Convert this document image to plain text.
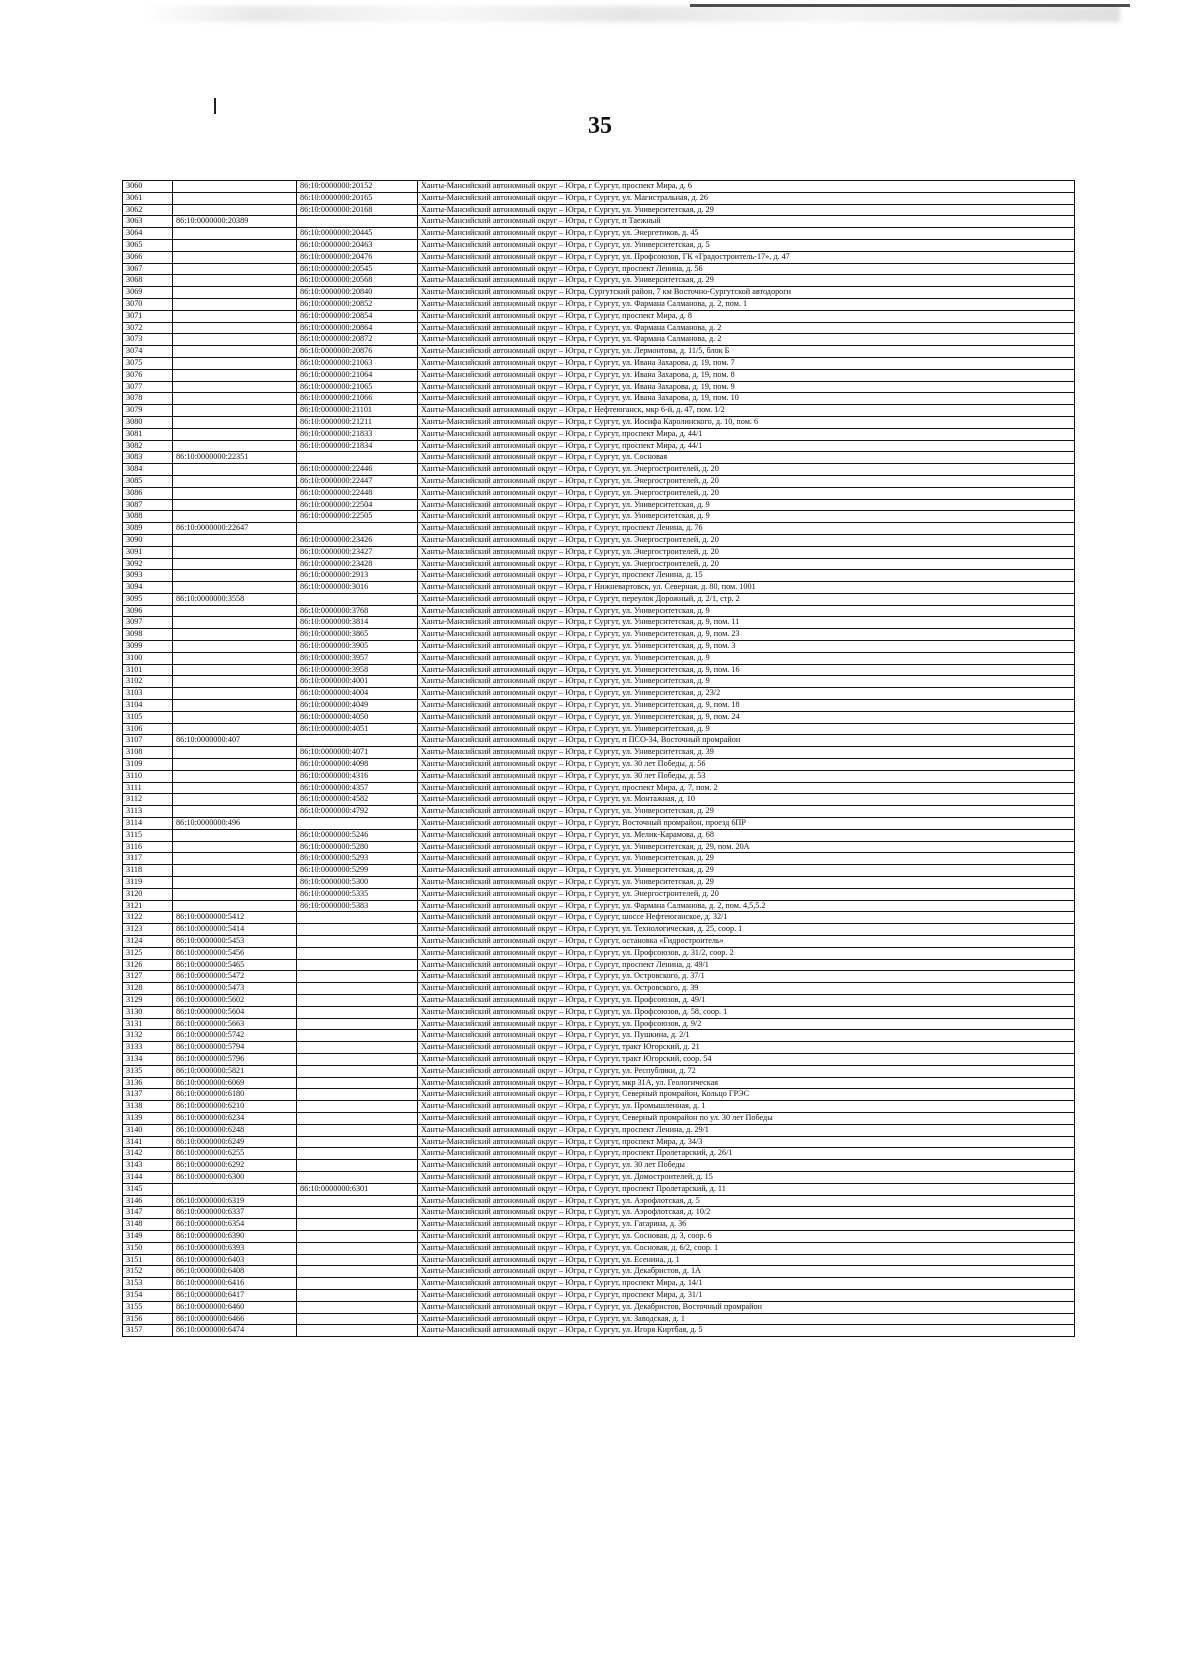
35
3060		86:10:0000000:20152	Ханты-Мансийский автономный округ – Югра, г Сургут, проспект Мира, д. 6
3061		86:10:0000000:20165	Ханты-Мансийский автономный округ – Югра, г Сургут, ул. Магистральная, д. 26
3062		86:10:0000000:20168	Ханты-Мансийский автономный округ – Югра, г Сургут, ул. Университетская, д. 29
3063	86:10:0000000:20389		Ханты-Мансийский автономный округ – Югра, г Сургут, п Таежный
3064		86:10:0000000:20445	Ханты-Мансийский автономный округ – Югра, г Сургут, ул. Энергетиков, д. 45
3065		86:10:0000000:20463	Ханты-Мансийский автономный округ – Югра, г Сургут, ул. Университетская, д. 5
3066		86:10:0000000:20476	Ханты-Мансийский автономный округ – Югра, г Сургут, ул. Профсоюзов, ГК «Градостроитель-17», д. 47
3067		86:10:0000000:20545	Ханты-Мансийский автономный округ – Югра, г Сургут, проспект Ленина, д. 56
3068		86:10:0000000:20568	Ханты-Мансийский автономный округ – Югра, г Сургут, ул. Университетская, д. 29
3069		86:10:0000000:20840	Ханты-Мансийский автономный округ – Югра, Сургутский район, 7 км Восточно-Сургутской автодороги
3070		86:10:0000000:20852	Ханты-Мансийский автономный округ – Югра, г Сургут, ул. Фармана Салманова, д. 2, пом. 1
3071		86:10:0000000:20854	Ханты-Мансийский автономный округ – Югра, г Сургут, проспект Мира, д. 8
3072		86:10:0000000:20864	Ханты-Мансийский автономный округ – Югра, г Сургут, ул. Фармана Салманова, д. 2
3073		86:10:0000000:20872	Ханты-Мансийский автономный округ – Югра, г Сургут, ул. Фармана Салманова, д. 2
3074		86:10:0000000:20876	Ханты-Мансийский автономный округ – Югра, г Сургут, ул. Лермонтова, д. 11/5, блок Б
3075		86:10:0000000:21063	Ханты-Мансийский автономный округ – Югра, г Сургут, ул. Ивана Захарова, д. 19, пом. 7
3076		86:10:0000000:21064	Ханты-Мансийский автономный округ – Югра, г Сургут, ул. Ивана Захарова, д. 19, пом. 8
3077		86:10:0000000:21065	Ханты-Мансийский автономный округ – Югра, г Сургут, ул. Ивана Захарова, д. 19, пом. 9
3078		86:10:0000000:21066	Ханты-Мансийский автономный округ – Югра, г Сургут, ул. Ивана Захарова, д. 19, пом. 10
3079		86:10:0000000:21101	Ханты-Мансийский автономный округ – Югра, г Нефтеюганск, мкр 6-й, д. 47, пом. 1/2
3080		86:10:0000000:21211	Ханты-Мансийский автономный округ – Югра, г Сургут, ул. Иосифа Каролинского, д. 10, пом. 6
3081		86:10:0000000:21833	Ханты-Мансийский автономный округ – Югра, г Сургут, проспект Мира, д. 44/1
3082		86:10:0000000:21834	Ханты-Мансийский автономный округ – Югра, г Сургут, проспект Мира, д. 44/1
3083	86:10:0000000:22351		Ханты-Мансийский автономный округ – Югра, г Сургут, ул. Сосновая
3084		86:10:0000000:22446	Ханты-Мансийский автономный округ – Югра, г Сургут, ул. Энергостроителей, д. 20
3085		86:10:0000000:22447	Ханты-Мансийский автономный округ – Югра, г Сургут, ул. Энергостроителей, д. 20
3086		86:10:0000000:22448	Ханты-Мансийский автономный округ – Югра, г Сургут, ул. Энергостроителей, д. 20
3087		86:10:0000000:22504	Ханты-Мансийский автономный округ – Югра, г Сургут, ул. Университетская, д. 9
3088		86:10:0000000:22505	Ханты-Мансийский автономный округ – Югра, г Сургут, ул. Университетская, д. 9
3089	86:10:0000000:22647		Ханты-Мансийский автономный округ – Югра, г Сургут, проспект Ленина, д. 76
3090		86:10:0000000:23426	Ханты-Мансийский автономный округ – Югра, г Сургут, ул. Энергостроителей, д. 20
3091		86:10:0000000:23427	Ханты-Мансийский автономный округ – Югра, г Сургут, ул. Энергостроителей, д. 20
3092		86:10:0000000:23428	Ханты-Мансийский автономный округ – Югра, г Сургут, ул. Энергостроителей, д. 20
3093		86:10:0000000:2913	Ханты-Мансийский автономный округ – Югра, г Сургут, проспект Ленина, д. 15
3094		86:10:0000000:3016	Ханты-Мансийский автономный округ – Югра, г Нижневартовск, ул. Северная, д. 80, пом. 1001
3095	86:10:0000000:3558		Ханты-Мансийский автономный округ – Югра, г Сургут, переулок Дорожный, д. 2/1, стр. 2
3096		86:10:0000000:3768	Ханты-Мансийский автономный округ – Югра, г Сургут, ул. Университетская, д. 9
3097		86:10:0000000:3814	Ханты-Мансийский автономный округ – Югра, г Сургут, ул. Университетская, д. 9, пом. 11
3098		86:10:0000000:3865	Ханты-Мансийский автономный округ – Югра, г Сургут, ул. Университетская, д. 9, пом. 23
3099		86:10:0000000:3905	Ханты-Мансийский автономный округ – Югра, г Сургут, ул. Университетская, д. 9, пом. 3
3100		86:10:0000000:3957	Ханты-Мансийский автономный округ – Югра, г Сургут, ул. Университетская, д. 9
3101		86:10:0000000:3958	Ханты-Мансийский автономный округ – Югра, г Сургут, ул. Университетская, д. 9, пом. 16
3102		86:10:0000000:4001	Ханты-Мансийский автономный округ – Югра, г Сургут, ул. Университетская, д. 9
3103		86:10:0000000:4004	Ханты-Мансийский автономный округ – Югра, г Сургут, ул. Университетская, д. 23/2
3104		86:10:0000000:4049	Ханты-Мансийский автономный округ – Югра, г Сургут, ул. Университетская, д. 9, пом. 18
3105		86:10:0000000:4050	Ханты-Мансийский автономный округ – Югра, г Сургут, ул. Университетская, д. 9, пом. 24
3106		86:10:0000000:4051	Ханты-Мансийский автономный округ – Югра, г Сургут, ул. Университетская, д. 9
3107	86:10:0000000:407		Ханты-Мансийский автономный округ – Югра, г Сургут, п ПСО-34, Восточный промрайон
3108		86:10:0000000:4071	Ханты-Мансийский автономный округ – Югра, г Сургут, ул. Университетская, д. 39
3109		86:10:0000000:4098	Ханты-Мансийский автономный округ – Югра, г Сургут, ул. 30 лет Победы, д. 56
3110		86:10:0000000:4316	Ханты-Мансийский автономный округ – Югра, г Сургут, ул. 30 лет Победы, д. 53
3111		86:10:0000000:4357	Ханты-Мансийский автономный округ – Югра, г Сургут, проспект Мира, д. 7, пом. 2
3112		86:10:0000000:4582	Ханты-Мансийский автономный округ – Югра, г Сургут, ул. Монтажная, д. 10
3113		86:10:0000000:4792	Ханты-Мансийский автономный округ – Югра, г Сургут, ул. Университетская, д. 29
3114	86:10:0000000:496		Ханты-Мансийский автономный округ – Югра, г Сургут, Восточный промрайон, проезд 6ПР
3115		86:10:0000000:5246	Ханты-Мансийский автономный округ – Югра, г Сургут, ул. Мелик-Карамова, д. 68
3116		86:10:0000000:5280	Ханты-Мансийский автономный округ – Югра, г Сургут, ул. Университетская, д. 29, пом. 20А
3117		86:10:0000000:5293	Ханты-Мансийский автономный округ – Югра, г Сургут, ул. Университетская, д. 29
3118		86:10:0000000:5299	Ханты-Мансийский автономный округ – Югра, г Сургут, ул. Университетская, д. 29
3119		86:10:0000000:5300	Ханты-Мансийский автономный округ – Югра, г Сургут, ул. Университетская, д. 29
3120		86:10:0000000:5335	Ханты-Мансийский автономный округ – Югра, г Сургут, ул. Энергостроителей, д. 20
3121		86:10:0000000:5383	Ханты-Мансийский автономный округ – Югра, г Сургут, ул. Фармана Салманова, д. 2, пом. 4,5,5.2
3122	86:10:0000000:5412		Ханты-Мансийский автономный округ – Югра, г Сургут, шоссе Нефтеюганское, д. 32/1
3123	86:10:0000000:5414		Ханты-Мансийский автономный округ – Югра, г Сургут, ул. Технологическая, д. 25, соор. 1
3124	86:10:0000000:5453		Ханты-Мансийский автономный округ – Югра, г Сургут, остановка «Гидростроитель»
3125	86:10:0000000:5456		Ханты-Мансийский автономный округ – Югра, г Сургут, ул. Профсоюзов, д. 31/2, соор. 2
3126	86:10:0000000:5465		Ханты-Мансийский автономный округ – Югра, г Сургут, проспект Ленина, д. 49/1
3127	86:10:0000000:5472		Ханты-Мансийский автономный округ – Югра, г Сургут, ул. Островского, д. 37/1
3128	86:10:0000000:5473		Ханты-Мансийский автономный округ – Югра, г Сургут, ул. Островского, д. 39
3129	86:10:0000000:5602		Ханты-Мансийский автономный округ – Югра, г Сургут, ул. Профсоюзов, д. 49/1
3130	86:10:0000000:5604		Ханты-Мансийский автономный округ – Югра, г Сургут, ул. Профсоюзов, д. 58, соор. 1
3131	86:10:0000000:5663		Ханты-Мансийский автономный округ – Югра, г Сургут, ул. Профсоюзов, д. 9/2
3132	86:10:0000000:5742		Ханты-Мансийский автономный округ – Югра, г Сургут, ул. Пушкина, д. 2/1
3133	86:10:0000000:5794		Ханты-Мансийский автономный округ – Югра, г Сургут, тракт Югорский, д. 21
3134	86:10:0000000:5796		Ханты-Мансийский автономный округ – Югра, г Сургут, тракт Югорский, соор. 54
3135	86:10:0000000:5821		Ханты-Мансийский автономный округ – Югра, г Сургут, ул. Республики, д. 72
3136	86:10:0000000:6069		Ханты-Мансийский автономный округ – Югра, г Сургут, мкр 31А, ул. Геологическая
3137	86:10:0000000:6180		Ханты-Мансийский автономный округ – Югра, г Сургут, Северный промрайон, Кольцо ГРЭС
3138	86:10:0000000:6210		Ханты-Мансийский автономный округ – Югра, г Сургут, ул. Промышленная, д. 1
3139	86:10:0000000:6234		Ханты-Мансийский автономный округ – Югра, г Сургут, Северный промрайон по ул. 30 лет Победы
3140	86:10:0000000:6248		Ханты-Мансийский автономный округ – Югра, г Сургут, проспект Ленина, д. 29/1
3141	86:10:0000000:6249		Ханты-Мансийский автономный округ – Югра, г Сургут, проспект Мира, д. 34/3
3142	86:10:0000000:6255		Ханты-Мансийский автономный округ – Югра, г Сургут, проспект Пролетарский, д. 26/1
3143	86:10:0000000:6292		Ханты-Мансийский автономный округ – Югра, г Сургут, ул. 30 лет Победы
3144	86:10:0000000:6300		Ханты-Мансийский автономный округ – Югра, г Сургут, ул. Домостроителей, д. 15
3145		86:10:0000000:6301	Ханты-Мансийский автономный округ – Югра, г Сургут, проспект Пролетарский, д. 11
3146	86:10:0000000:6319		Ханты-Мансийский автономный округ – Югра, г Сургут, ул. Аэрофлотская, д. 5
3147	86:10:0000000:6337		Ханты-Мансийский автономный округ – Югра, г Сургут, ул. Аэрофлотская, д. 10/2
3148	86:10:0000000:6354		Ханты-Мансийский автономный округ – Югра, г Сургут, ул. Гагарина, д. 36
3149	86:10:0000000:6390		Ханты-Мансийский автономный округ – Югра, г Сургут, ул. Сосновая, д. 3, соор. 6
3150	86:10:0000000:6393		Ханты-Мансийский автономный округ – Югра, г Сургут, ул. Сосновая, д. 6/2, соор. 1
3151	86:10:0000000:6403		Ханты-Мансийский автономный округ – Югра, г Сургут, ул. Есенина, д. 1
3152	86:10:0000000:6408		Ханты-Мансийский автономный округ – Югра, г Сургут, ул. Декабристов, д. 1А
3153	86:10:0000000:6416		Ханты-Мансийский автономный округ – Югра, г Сургут, проспект Мира, д. 14/1
3154	86:10:0000000:6417		Ханты-Мансийский автономный округ – Югра, г Сургут, проспект Мира, д. 31/1
3155	86:10:0000000:6460		Ханты-Мансийский автономный округ – Югра, г Сургут, ул. Декабристов, Восточный промрайон
3156	86:10:0000000:6466		Ханты-Мансийский автономный округ – Югра, г Сургут, ул. Заводская, д. 1
3157	86:10:0000000:6474		Ханты-Мансийский автономный округ – Югра, г Сургут, ул. Игоря Киртбая, д. 5
